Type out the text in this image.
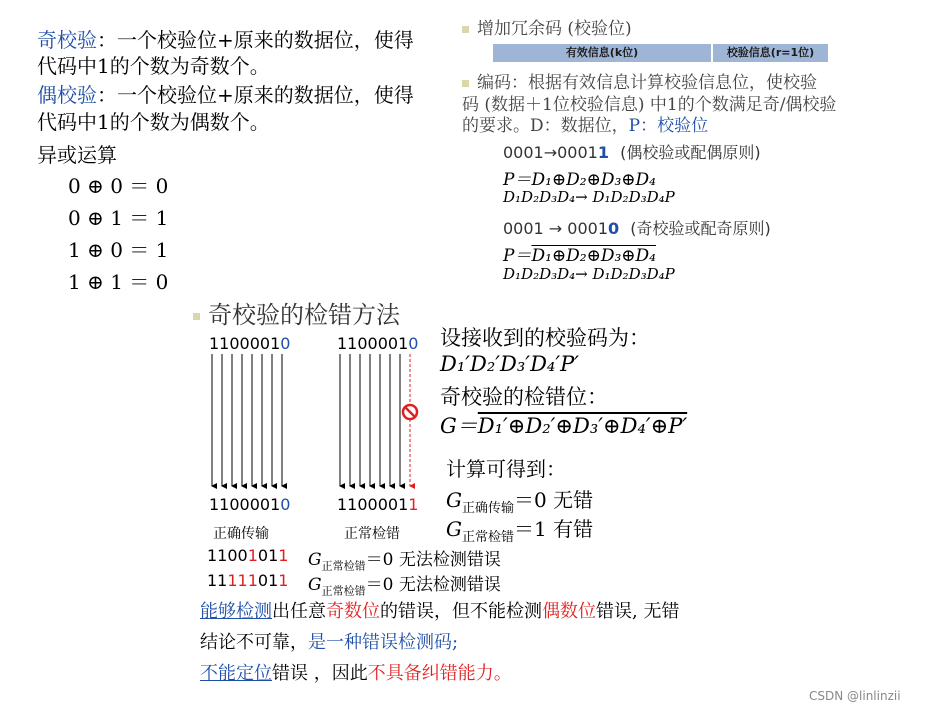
奇校验：一个校验位+原来的数据位，使得
代码中1的个数为奇数个。
偶校验：一个校验位+原来的数据位，使得
代码中1的个数为偶数个。
异或运算
0 ⊕ 0 ＝ 0
0 ⊕ 1 ＝ 1
1 ⊕ 0 ＝ 1
1 ⊕ 1 ＝ 0
增加冗余码 (校验位)
有效信息(k位)	校验信息(r=1位)
编码：根据有效信息计算校验信息位，使校验
码 (数据＋1位校验信息) 中1的个数满足奇/偶校验
的要求。D：数据位，P：校验位
0001→00011 (偶校验或配偶原则)
P＝D₁⊕D₂⊕D₃⊕D₄
D₁D₂D₃D₄→ D₁D₂D₃D₄P
0001 → 00010 (奇校验或配奇原则)
P＝D₁⊕D₂⊕D₃⊕D₄
D₁D₂D₃D₄→ D₁D₂D₃D₄P
奇校验的检错方法
11000010	11000010
11000010	11000011
正确传输	正常检错
11001011
11111011
$G_{正常检错}=0$ 无法检测错误
$G_{正常检错}=0$ 无法检测错误
设接收到的校验码为：
D₁′D₂′D₃′D₄′P′
奇校验的检错位：
G＝D₁′⊕D₂′⊕D₃′⊕D₄′⊕P′
计算可得到：
$G_{正确传输}=0$ 无错
$G_{正常检错}=1$ 有错
能够检测出任意奇数位的错误，但不能检测偶数位错误, 无错
结论不可靠，是一种错误检测码;
不能定位错误 ，因此不具备纠错能力。
CSDN @linlinzii
